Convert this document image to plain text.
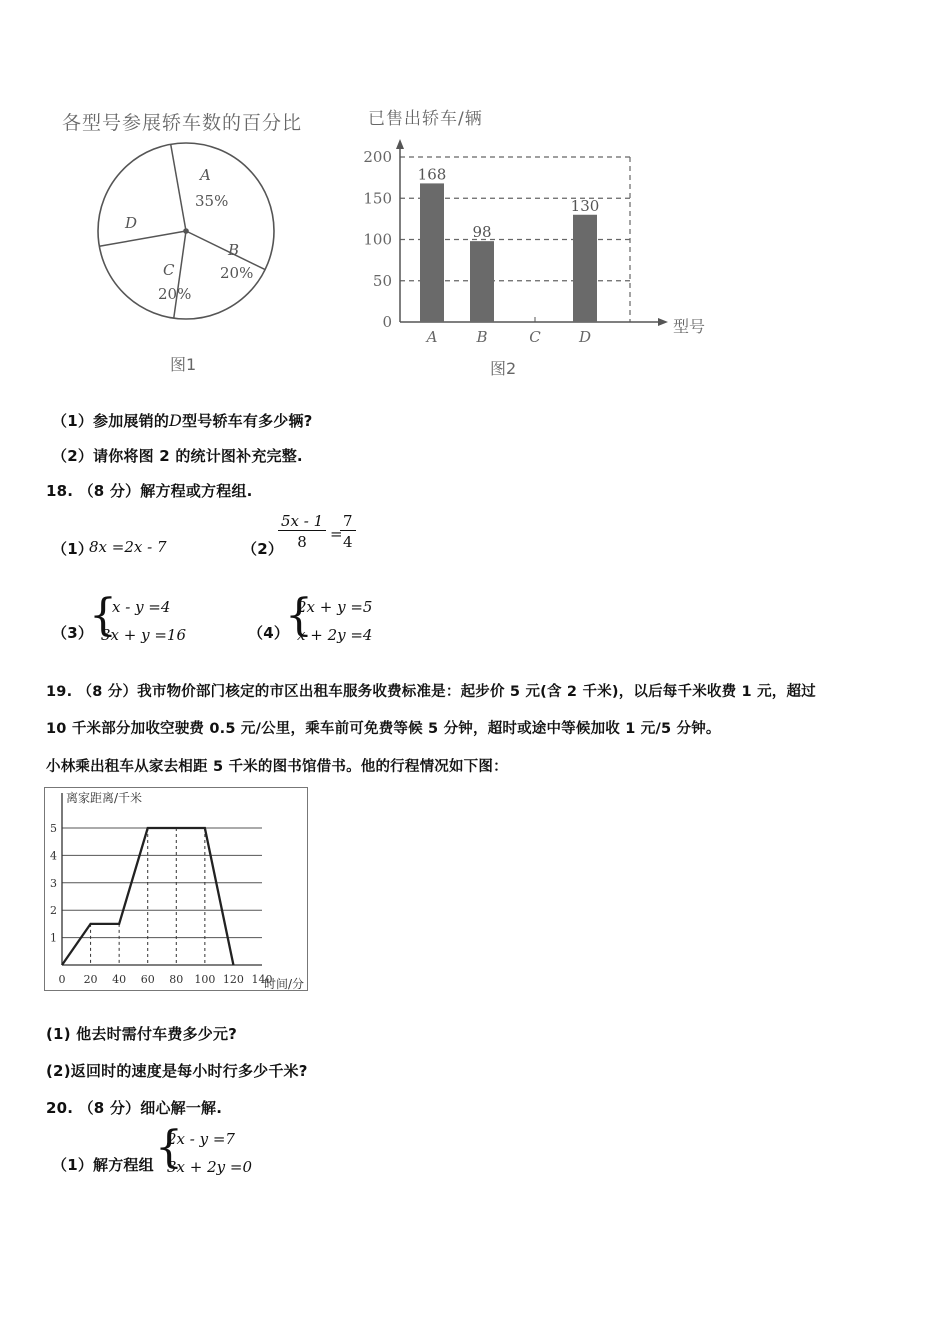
各型号参展轿车数的百分比
A
35%
B
20%
C
20%
D
图1
已售出轿车/辆
0
50
100
150
200
168
A
98
B	C
130
D
型号
图2
（1）参加展销的D型号轿车有多少辆?
（2）请你将图 2 的统计图补充完整.
18. （8 分）解方程或方程组.
（1）
8x =2x - 7	（2）
$\frac{5x - 1}{8}$ =
$\frac{7}{4}$
（3）
{
x - y =4
3x + y =16	（4）
{
2x + y =5
x + 2y =4
19. （8 分）我市物价部门核定的市区出租车服务收费标准是：起步价 5 元(含 2 千米)，以后每千米收费 1 元，超过
10 千米部分加收空驶费 0.5 元/公里，乘车前可免费等候 5 分钟，超时或途中等候加收 1 元/5 分钟。
小林乘出租车从家去相距 5 千米的图书馆借书。他的行程情况如下图：
1
2
3
4
5
0 20 40 60 80 100 120 140
离家距离/千米
时间/分
(1) 他去时需付车费多少元?
(2)返回时的速度是每小时行多少千米?
20. （8 分）细心解一解.
（1）解方程组 {
2x - y =7
3x + 2y =0
